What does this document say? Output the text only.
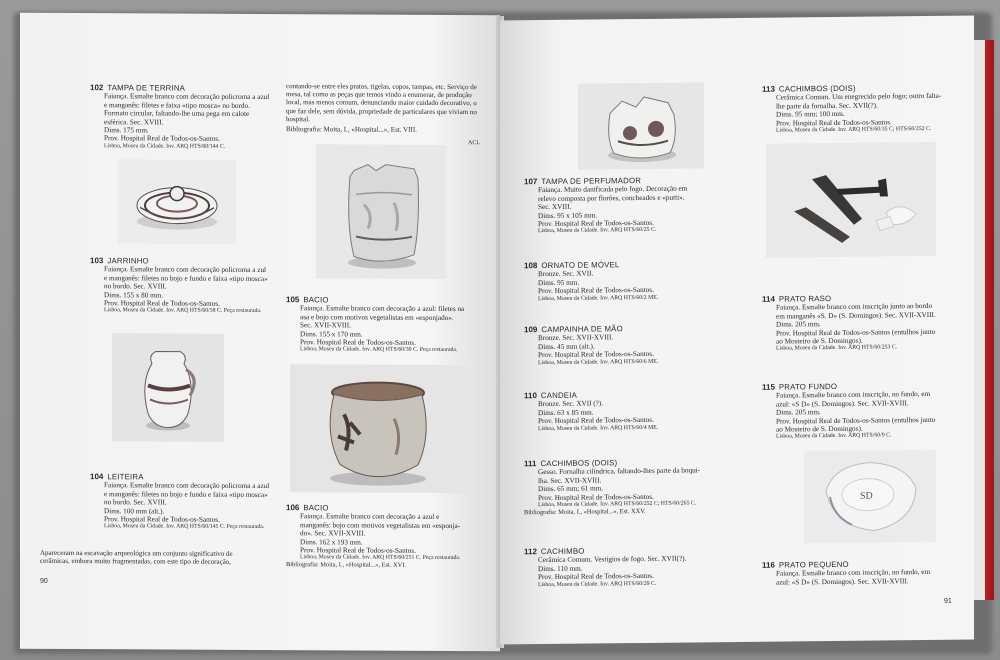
102 TAMPA DE TERRINA
Faiança. Esmalte branco com decoração policroma a azul
e manganês: filetes e faixa «tipo mosca» no bordo.
Formato circular, faltando-lhe uma pega em calote
esférica. Sec. XVIII.
Dims. 175 mm.
Prov. Hospital Real de Todos-os-Santos.
Lisboa, Museu da Cidade. Inv. ARQ HTS/60/144 C.
103 JARRINHO
Faiança. Esmalte branco com decoração policroma a zul
e manganês: filetes no bojo e fundo e faixa «tipo mosca»
no bordo. Sec. XVIII.
Dims. 155 x 80 mm.
Prov. Hospital Real de Todos-os-Santos.
Lisboa, Museu da Cidade. Inv. ARQ HTS/60/58 C. Peça restaurada.
104 LEITEIRA
Faiança. Esmalte branco com decoração policroma a azul
e manganês: filetes no bojo e fundo e faixa «tipo mosca»
no bordo. Sec. XVIII.
Dims. 100 mm (alt.).
Prov. Hospital Real de Todos-os-Santos.
Lisboa, Museu da Cidade. Inv. ARQ HTS/60/145 C. Peça restaurada.
Apareceram na escavação arqueológica um conjunto significativo de
cerâmicas, embora muito fragmentadas, com este tipo de decoração,
90
contando-se entre eles pratos, tigelas, copos, tampas, etc. Serviço de
mesa, tal como as peças que temos vindo a enumerar, de produção
local, mas menos comum, denunciando maior cuidado decorativo, o
que faz dele, sem dúvida, propriedade de particulares que viviam no
hospital.
Bibliografia: Moita, I., «Hospital...», Est. VIII.
ACL
105 BACIO
Faiança. Esmalte branco com decoração a azul: filetes na
asa e bojo com motivos vegetalistas em «esponjado».
Sec. XVII-XVIII.
Dims. 155 x 170 mm.
Prov. Hospital Real de Todos-os-Santos.
Lisboa, Museu da Cidade. Inv. ARQ HTS/60/30 C. Peça restaurada.
106 BACIO
Faiança. Esmalte branco com decoração a azul e
manganês: bojo com motivos vegetalistas em «esponja-
do». Sec. XVII-XVIII.
Dims. 162 x 193 mm.
Prov. Hospital Real de Todos-os-Santos.
Lisboa, Museu da Cidade. Inv. ARQ HTS/60/251 C. Peça restaurada.
Bibliografia: Moita, I., «Hospital...», Est. XVI.
107 TAMPA DE PERFUMADOR
Faiança. Muito danificada pelo fogo. Decoração em
relevo composta por florões, concheados e «putti».
Sec. XVIII.
Dims. 95 x 105 mm.
Prov. Hospital Real de Todos-os-Santos.
Lisboa, Museu da Cidade. Inv. ARQ HTS/60/25 C.
108 ORNATO DE MÓVEL
Bronze. Sec. XVII.
Dims. 95 mm.
Prov. Hospital Real de Todos-os-Santos.
Lisboa, Museu da Cidade. Inv. ARQ HTS/60/2 ME.
109 CAMPAINHA DE MÃO
Bronze. Sec. XVII-XVIII.
Dims. 45 mm (alt.).
Prov. Hospital Real de Todos-os-Santos.
Lisboa, Museu da Cidade. Inv. ARQ HTS/60/6 ME.
110 CANDEIA
Bronze. Sec. XVII (?).
Dims. 63 x 85 mm.
Prov. Hospital Real de Todos-os-Santos.
Lisboa, Museu da Cidade. Inv. ARQ HTS/60/4 ME.
111 CACHIMBOS (DOIS)
Gesso. Fornalha cilíndrica, faltando-lhes parte da boqui-
lha. Sec. XVII-XVIII.
Dims. 65 mm; 61 mm.
Prov. Hospital Real de Todos-os-Santos.
Lisboa, Museu da Cidade. Inv. ARQ HTS/60/252 C; HTS/60/265 C.
Bibliografia: Moita, I., «Hospital...», Est. XXV.
112 CACHIMBO
Cerâmica Comum. Vestígios de fogo. Sec. XVII(?).
Dims. 110 mm.
Prov. Hospital Real de Todos-os-Santos.
Lisboa, Museu da Cidade. Inv. ARQ HTS/60/29 C.
113 CACHIMBOS (DOIS)
Cerâmica Comum. Um enegrecido pelo fogo; outro falta-
lhe parte da fornalha. Sec. XVII(?).
Dims. 95 mm; 100 mm.
Prov. Hospital Real de Todos-os-Santos.
Lisboa, Museu da Cidade. Inv. ARQ HTS/60/35 C; HTS/60/252 C.
114 PRATO RASO
Faiança. Esmalte branco com inscrição junto ao bordo
em manganês «S. D» (S. Domingos). Sec. XVII-XVIII.
Dims. 205 mm.
Prov. Hospital Real de Todos-os-Santos (entulhos junto
ao Mosteiro de S. Domingos).
Lisboa, Museu da Cidade. Inv. ARQ HTS/60/253 C.
115 PRATO FUNDO
Faiança. Esmalte branco com inscrição, no fundo, em
azul: «S D» (S. Domingos). Sec. XVII-XVIII.
Dims. 205 mm.
Prov. Hospital Real de Todos-os-Santos (entulhos junto
ao Mosteiro de S. Domingos).
Lisboa, Museu da Cidade. Inv. ARQ HTS/60/9 C.
SD
116 PRATO PEQUENO
Faiança. Esmalte branco com inscrição, no fundo, em
azul: «S D» (S. Domingos). Sec. XVII-XVIII.
91
